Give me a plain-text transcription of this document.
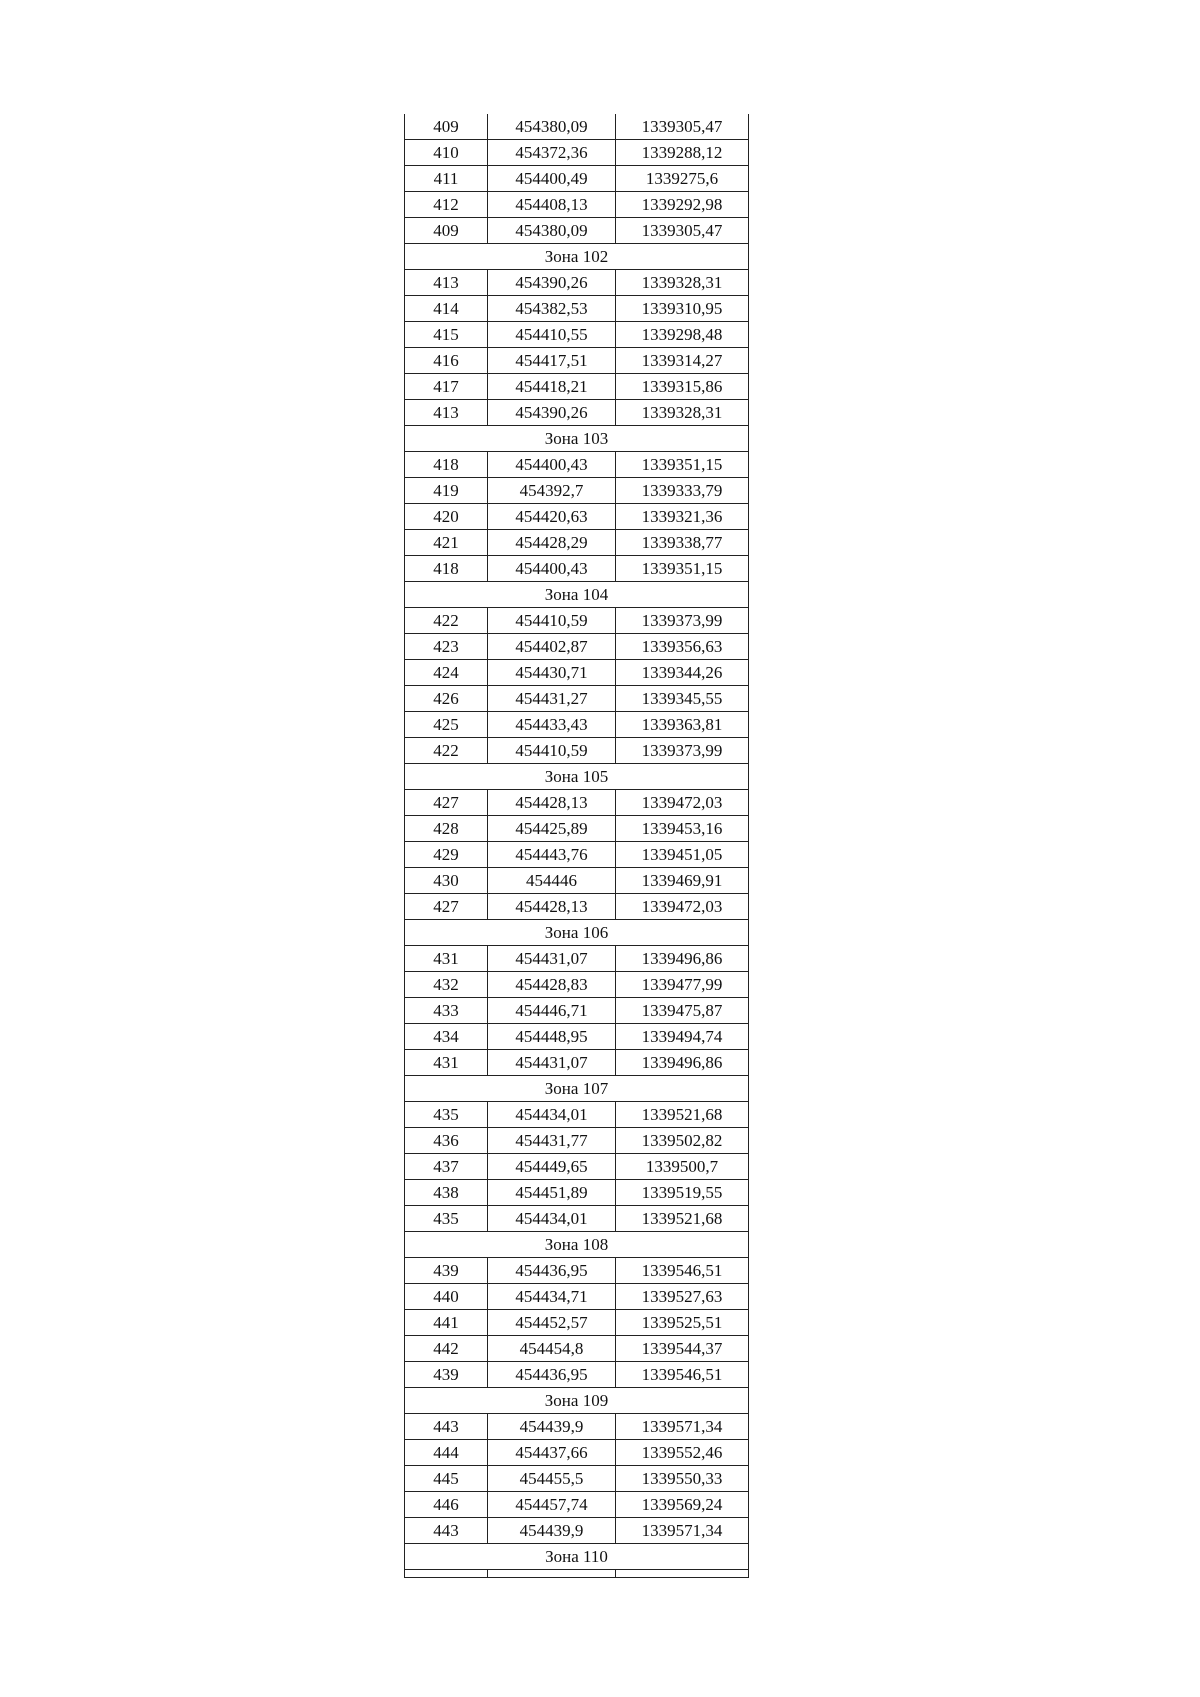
409	454380,09	1339305,47
410	454372,36	1339288,12
411	454400,49	1339275,6
412	454408,13	1339292,98
409	454380,09	1339305,47
Зона 102		
413	454390,26	1339328,31
414	454382,53	1339310,95
415	454410,55	1339298,48
416	454417,51	1339314,27
417	454418,21	1339315,86
413	454390,26	1339328,31
Зона 103		
418	454400,43	1339351,15
419	454392,7	1339333,79
420	454420,63	1339321,36
421	454428,29	1339338,77
418	454400,43	1339351,15
Зона 104		
422	454410,59	1339373,99
423	454402,87	1339356,63
424	454430,71	1339344,26
426	454431,27	1339345,55
425	454433,43	1339363,81
422	454410,59	1339373,99
Зона 105		
427	454428,13	1339472,03
428	454425,89	1339453,16
429	454443,76	1339451,05
430	454446	1339469,91
427	454428,13	1339472,03
Зона 106		
431	454431,07	1339496,86
432	454428,83	1339477,99
433	454446,71	1339475,87
434	454448,95	1339494,74
431	454431,07	1339496,86
Зона 107		
435	454434,01	1339521,68
436	454431,77	1339502,82
437	454449,65	1339500,7
438	454451,89	1339519,55
435	454434,01	1339521,68
Зона 108		
439	454436,95	1339546,51
440	454434,71	1339527,63
441	454452,57	1339525,51
442	454454,8	1339544,37
439	454436,95	1339546,51
Зона 109		
443	454439,9	1339571,34
444	454437,66	1339552,46
445	454455,5	1339550,33
446	454457,74	1339569,24
443	454439,9	1339571,34
Зона 110		
